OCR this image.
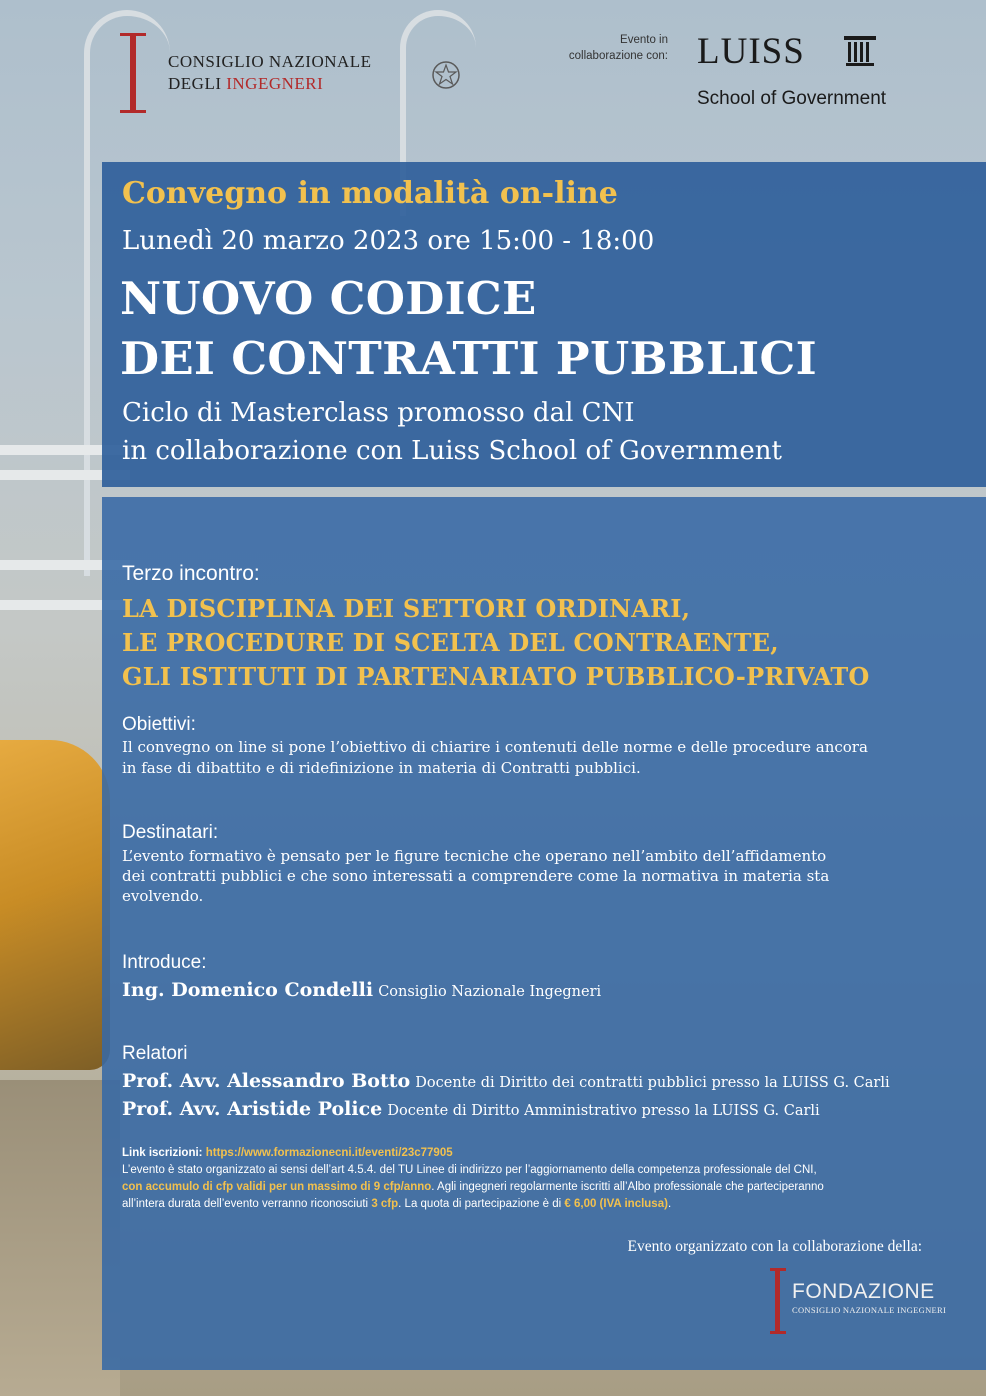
CONSIGLIO NAZIONALE
DEGLI INGEGNERI
Evento in
collaborazione con: LUISS
School of Government
Convegno in modalità on-line
Lunedì 20 marzo 2023 ore 15:00 - 18:00
NUOVO CODICE
DEI CONTRATTI PUBBLICI
Ciclo di Masterclass promosso dal CNI
in collaborazione con Luiss School of Government
Terzo incontro:
LA DISCIPLINA DEI SETTORI ORDINARI,
LE PROCEDURE DI SCELTA DEL CONTRAENTE,
GLI ISTITUTI DI PARTENARIATO PUBBLICO-PRIVATO
Obiettivi:
Il convegno on line si pone l’obiettivo di chiarire i contenuti delle norme e delle procedure ancora
in fase di dibattito e di ridefinizione in materia di Contratti pubblici.
Destinatari:
L’evento formativo è pensato per le figure tecniche che operano nell’ambito dell’affidamento
dei contratti pubblici e che sono interessati a comprendere come la normativa in materia sta
evolvendo.
Introduce:
Ing. Domenico Condelli Consiglio Nazionale Ingegneri
Relatori
Prof. Avv. Alessandro Botto Docente di Diritto dei contratti pubblici presso la LUISS G. Carli
Prof. Avv. Aristide Police Docente di Diritto Amministrativo presso la LUISS G. Carli
Link iscrizioni: https://www.formazionecni.it/eventi/23c77905
L’evento è stato organizzato ai sensi dell’art 4.5.4. del TU Linee di indirizzo per l’aggiornamento della competenza professionale del CNI,
con accumulo di cfp validi per un massimo di 9 cfp/anno. Agli ingegneri regolarmente iscritti all’Albo professionale che parteciperanno
all’intera durata dell’evento verranno riconosciuti 3 cfp. La quota di partecipazione è di € 6,00 (IVA inclusa).
Evento organizzato con la collaborazione della:
FONDAZIONE
CONSIGLIO NAZIONALE INGEGNERI
